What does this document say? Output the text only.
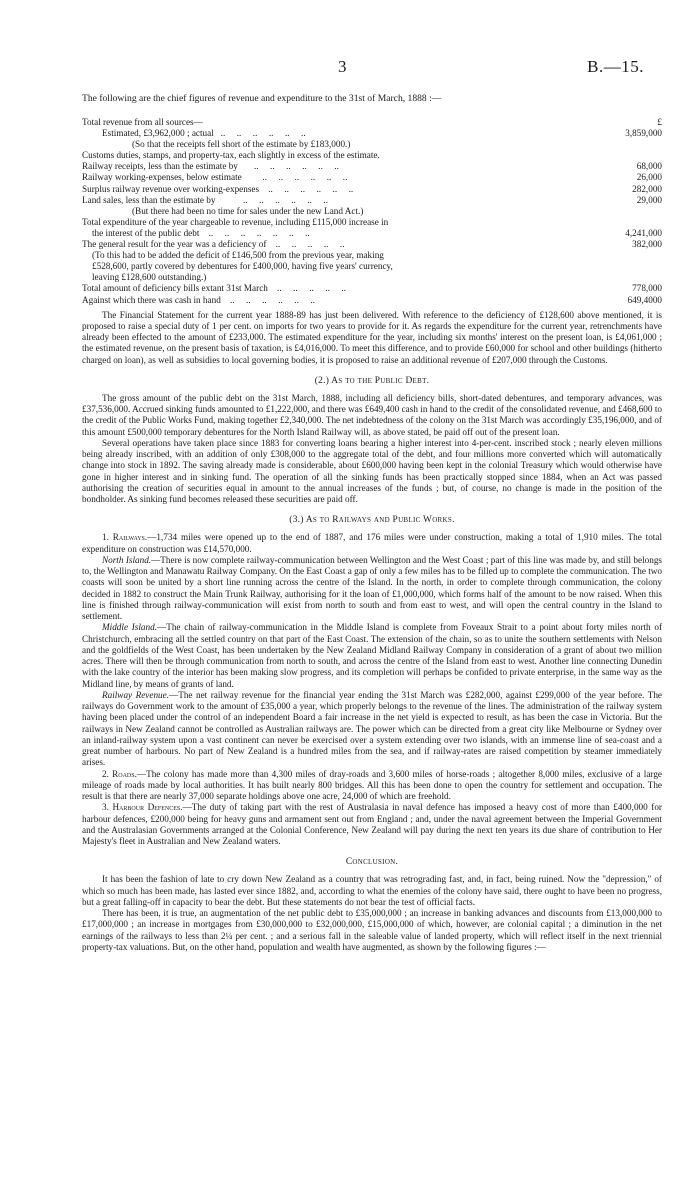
3	B.—15.

The following are the chief figures of revenue and expenditure to the 31st of March, 1888 :—

Total revenue from all sources—	£
Estimated, £3,962,000 ; actual   ..     ..     ..     ..     ..     ..	3,859,000
(So that the receipts fell short of the estimate by £183,000.)
Customs duties, stamps, and property-tax, each slightly in excess of the estimate.
Railway receipts, less than the estimate by       ..     ..     ..     ..     ..     ..	68,000
Railway working-expenses, below estimate         ..     ..     ..     ..     ..     ..	26,000
Surplus railway revenue over working-expenses    ..     ..     ..     ..     ..     ..	282,000
Land sales, less than the estimate by            ..     ..     ..     ..     ..     ..	29,000
(But there had been no time for sales under the new Land Act.)
Total expenditure of the year chargeable to revenue, including £115,000 increase in
the interest of the public debt    ..     ..     ..     ..     ..     ..     ..	4,241,000
The general result for the year was a deficiency of    ..     ..     ..     ..     ..	382,000
(To this had to be added the deficit of £146,500 from the previous year, making
£528,600, partly covered by debentures for £400,000, having five years' currency,
leaving £128,600 outstanding.)
Total amount of deficiency bills extant 31st March    ..     ..     ..     ..     ..	778,000
Against which there was cash in hand    ..     ..     ..     ..     ..     ..	649,4000

The Financial Statement for the current year 1888-89 has just been delivered. With reference to the deficiency of £128,600 above mentioned, it is proposed to raise a special duty of 1 per cent. on imports for two years to provide for it. As regards the expenditure for the current year, retrenchments have already been effected to the amount of £233,000. The estimated expenditure for the year, including six months' interest on the present loan, is £4,061,000 ; the estimated revenue, on the present basis of taxation, is £4,016,000. To meet this difference, and to provide £60,000 for school and other buildings (hitherto charged on loan), as well as subsidies to local governing bodies, it is proposed to raise an additional revenue of £207,000 through the Customs.

(2.) As to the Public Debt.

The gross amount of the public debt on the 31st March, 1888, including all deficiency bills, short-dated debentures, and temporary advances, was £37,536,000. Accrued sinking funds amounted to £1,222,000, and there was £649,400 cash in hand to the credit of the consolidated revenue, and £468,600 to the credit of the Public Works Fund, making together £2,340,000. The net indebtedness of the colony on the 31st March was accordingly £35,196,000, and of this amount £500,000 temporary debentures for the North Island Railway will, as above stated, be paid off out of the present loan.

Several operations have taken place since 1883 for converting loans bearing a higher interest into 4-per-cent. inscribed stock ; nearly eleven millions being already inscribed, with an addition of only £308,000 to the aggregate total of the debt, and four millions more converted which will automatically change into stock in 1892. The saving already made is considerable, about £600,000 having been kept in the colonial Treasury which would otherwise have gone in higher interest and in sinking fund. The operation of all the sinking funds has been practically stopped since 1884, when an Act was passed authorising the creation of securities equal in amount to the annual increases of the funds ; but, of course, no change is made in the position of the bondholder. As sinking fund becomes released these securities are paid off.

(3.) As to Railways and Public Works.

1. Railways.—1,734 miles were opened up to the end of 1887, and 176 miles were under construction, making a total of 1,910 miles. The total expenditure on construction was £14,570,000.

North Island.—There is now complete railway-communication between Wellington and the West Coast ; part of this line was made by, and still belongs to, the Wellington and Manawatu Railway Company. On the East Coast a gap of only a few miles has to be filled up to complete the communication. The two coasts will soon be united by a short line running across the centre of the Island. In the north, in order to complete through communication, the colony decided in 1882 to construct the Main Trunk Railway, authorising for it the loan of £1,000,000, which forms half of the amount to be now raised. When this line is finished through railway-communication will exist from north to south and from east to west, and will open the central country in the Island to settlement.

Middle Island.—The chain of railway-communication in the Middle Island is complete from Foveaux Strait to a point about forty miles north of Christchurch, embracing all the settled country on that part of the East Coast. The extension of the chain, so as to unite the southern settlements with Nelson and the goldfields of the West Coast, has been undertaken by the New Zealand Midland Railway Company in consideration of a grant of about two million acres. There will then be through communication from north to south, and across the centre of the Island from east to west. Another line connecting Dunedin with the lake country of the interior has been making slow progress, and its completion will perhaps be confided to private enterprise, in the same way as the Midland line, by means of grants of land.

Railway Revenue.—The net railway revenue for the financial year ending the 31st March was £282,000, against £299,000 of the year before. The railways do Government work to the amount of £35,000 a year, which properly belongs to the revenue of the lines. The administration of the railway system having been placed under the control of an independent Board a fair increase in the net yield is expected to result, as has been the case in Victoria. But the railways in New Zealand cannot be controlled as Australian railways are. The power which can be directed from a great city like Melbourne or Sydney over an inland-railway system upon a vast continent can never be exercised over a system extending over two islands, with an immense line of sea-coast and a great number of harbours. No part of New Zealand is a hundred miles from the sea, and if railway-rates are raised competition by steamer immediately arises.

2. Roads.—The colony has made more than 4,300 miles of dray-roads and 3,600 miles of horse-roads ; altogether 8,000 miles, exclusive of a large mileage of roads made by local authorities. It has built nearly 800 bridges. All this has been done to open the country for settlement and occupation. The result is that there are nearly 37,000 separate holdings above one acre, 24,000 of which are freehold.

3. Harbour Defences.—The duty of taking part with the rest of Australasia in naval defence has imposed a heavy cost of more than £400,000 for harbour defences, £200,000 being for heavy guns and armament sent out from England ; and, under the naval agreement between the Imperial Government and the Australasian Governments arranged at the Colonial Conference, New Zealand will pay during the next ten years its due share of contribution to Her Majesty's fleet in Australian and New Zealand waters.

Conclusion.

It has been the fashion of late to cry down New Zealand as a country that was retrograding fast, and, in fact, being ruined. Now the "depression," of which so much has been made, has lasted ever since 1882, and, according to what the enemies of the colony have said, there ought to have been no progress, but a great falling-off in capacity to bear the debt. But these statements do not bear the test of official facts.

There has been, it is true, an augmentation of the net public debt to £35,000,000 ; an increase in banking advances and discounts from £13,000,000 to £17,000,000 ; an increase in mortgages from £30,000,000 to £32,000,000, £15,000,000 of which, however, are colonial capital ; a diminution in the net earnings of the railways to less than 2¼ per cent. ; and a serious fall in the saleable value of landed property, which will reflect itself in the next triennial property-tax valuations. But, on the other hand, population and wealth have augmented, as shown by the following figures :—
